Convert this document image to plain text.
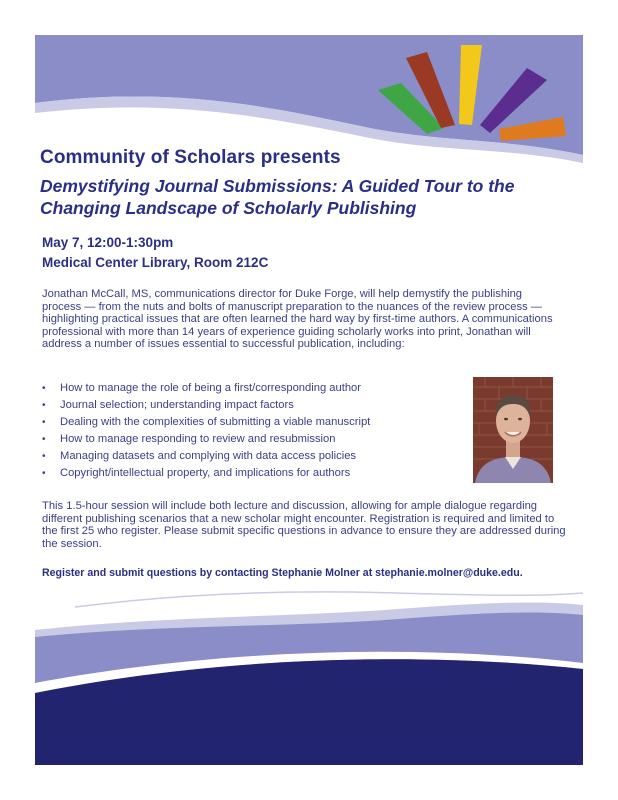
Community of Scholars presents
Demystifying Journal Submissions: A Guided Tour to the Changing Landscape of Scholarly Publishing

May 7, 12:00-1:30pm

Medical Center Library, Room 212C

Jonathan McCall, MS, communications director for Duke Forge, will help demystify the publishing process — from the nuts and bolts of manuscript preparation to the nuances of the review process — highlighting practical issues that are often learned the hard way by first-time authors. A communications professional with more than 14 years of experience guiding scholarly works into print, Jonathan will address a number of issues essential to successful publication, including:

• How to manage the role of being a first/corresponding author
• Journal selection; understanding impact factors
• Dealing with the complexities of submitting a viable manuscript
• How to manage responding to review and resubmission
• Managing datasets and complying with data access policies
• Copyright/intellectual property, and implications for authors

This 1.5-hour session will include both lecture and discussion, allowing for ample dialogue regarding different publishing scenarios that a new scholar might encounter. Registration is required and limited to the first 25 who register. Please submit specific questions in advance to ensure they are addressed during the session.

Register and submit questions by contacting Stephanie Molner at stephanie.molner@duke.edu.
